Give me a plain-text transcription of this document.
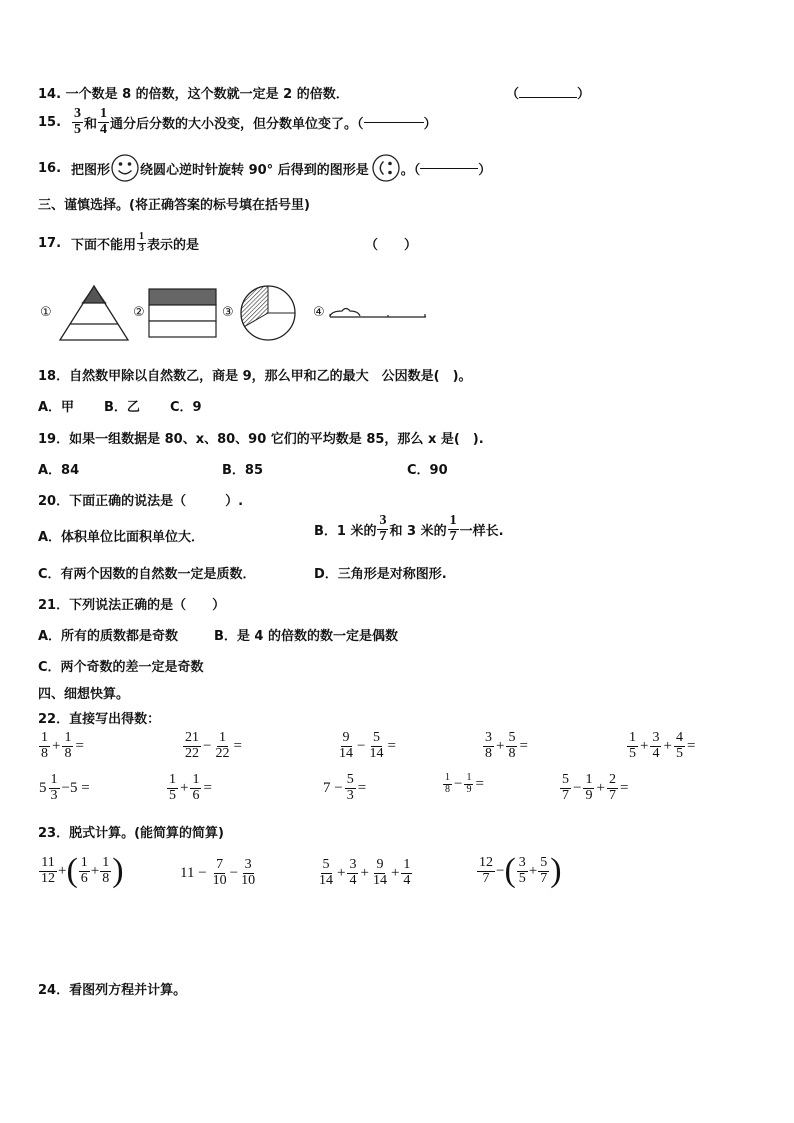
14. 一个数是 8 的倍数，这个数就一定是 2 的倍数．	（	）
15. $\frac{3}{5}$ 和 $\frac{1}{4}$ 通分后分数的大小没变，但分数单位变了。（	）
16. 把图形 绕圆心逆时针旋转 90° 后得到的图形是 。（	）
三、谨慎选择。(将正确答案的标号填在括号里)
17. 下面不能用 $\frac{1}{3}$ 表示的是	（　　）
①	②	③	④
18．自然数甲除以自然数乙，商是 9，那么甲和乙的最大　公因数是(　)。
A．甲 B．乙 C．9
19．如果一组数据是 80、x、80、90 它们的平均数是 85，那么 x 是(　).
A．84	B．85	C．90
20．下面正确的说法是（　　　）.
A．体积单位比面积单位大．	B．1 米的 $\frac{3}{7}$ 和 3 米的 $\frac{1}{7}$ 一样长.
C．有两个因数的自然数一定是质数．	D．三角形是对称图形.
21．下列说法正确的是（　　）
A．所有的质数都是奇数	B．是 4 的倍数的数一定是偶数
C．两个奇数的差一定是奇数
四、细想快算。
22．直接写出得数：
$\frac{1}{8} + \frac{1}{8}$ =	$\frac{21}{22} - \frac{1}{22}$ =	$\frac{9}{14} - \frac{5}{14}$ =	$\frac{3}{8} + \frac{5}{8}$ =	$\frac{1}{5} + \frac{3}{4} + \frac{4}{5}$ =
$5 \frac{1}{3} -5$ =	$\frac{1}{5} + \frac{1}{6}$ =	$7 - \frac{5}{3}$ =	$\frac{1}{8} - \frac{1}{9}$ =	$\frac{5}{7} - \frac{1}{9} + \frac{2}{7}$ =
23．脱式计算。(能简算的简算)
$\frac{11}{12}$ + ( $\frac{1}{6} + \frac{1}{8}$ )	$11 - \frac{7}{10} - \frac{3}{10}$	$\frac{5}{14} + \frac{3}{4} + \frac{9}{14} + \frac{1}{4}$	$\frac{12}{7}$ − ( $\frac{3}{5} + \frac{5}{7}$ )
24．看图列方程并计算。
